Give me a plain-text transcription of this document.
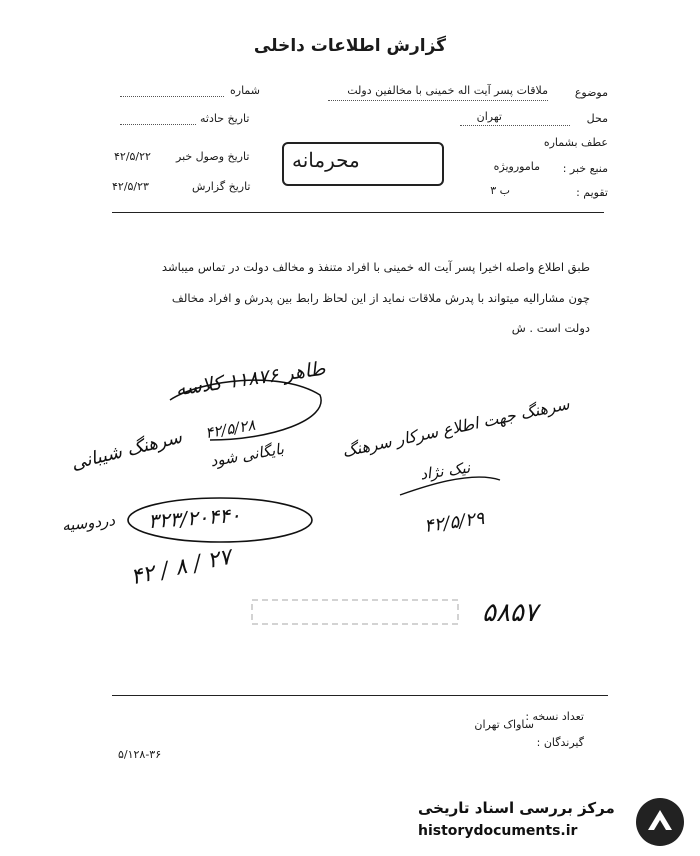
گزارش اطلاعات داخلی
موضوع
ملاقات پسر آیت اله خمینی با مخالفین دولت
محل
تهران
عطف بشماره
منبع خبر :
مامورویژه
تقویم :
ب ۳
شماره
تاریخ حادثه
تاریخ وصول خبر
۴۲/۵/۲۲
تاریخ گزارش
۴۲/۵/۲۳
محرمانه
طبق اطلاع واصله اخیرا پسر آیت اله خمینی با افراد متنفذ و مخالف دولت در تماس میباشد
چون مشارالیه میتواند با پدرش ملاقات نماید از این لحاظ رابط بین پدرش و افراد مخالف
دولت است . ش
طاهر ۱۱۸۷۶ کلاسه
۴۲/۵/۲۸
بایگانی شود
سرهنگ شیبانی
۳۲۳/۲۰۴۴۰
دردوسیه
۲۷ / ۸ / ۴۲
سرهنگ جهت اطلاع سرکار سرهنگ
نیک نژاد
۴۲/۵/۲۹
۵۸۵۷
تعداد نسخه :
گیرندگان :
ساواک تهران
۵/۱۲۸-۳۶
مرکز بررسی اسناد تاریخی
historydocuments.ir
